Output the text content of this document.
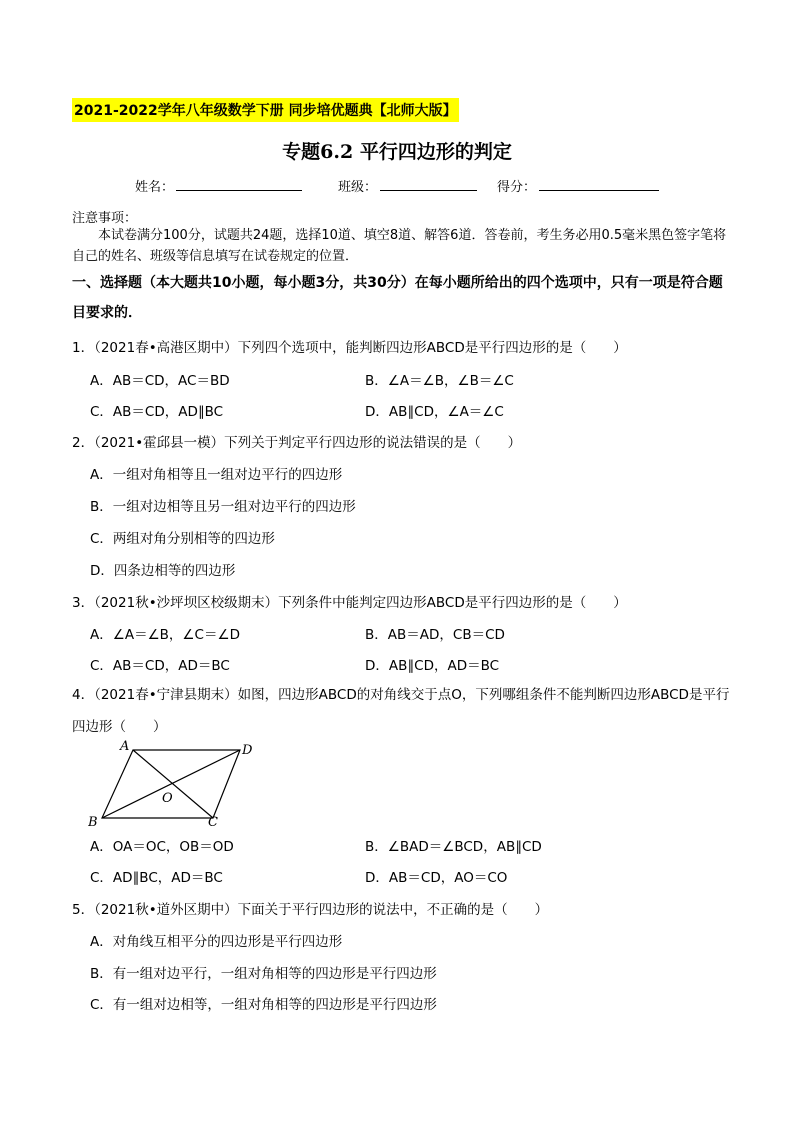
2021-2022学年八年级数学下册 同步培优题典【北师大版】
专题6.2 平行四边形的判定
姓名：	班级：	得分：
注意事项：
本试卷满分100分，试题共24题，选择10道、填空8道、解答6道．答卷前，考生务必用0.5毫米黑色签字笔将自己的姓名、班级等信息填写在试卷规定的位置．
一、选择题（本大题共10小题，每小题3分，共30分）在每小题所给出的四个选项中，只有一项是符合题目要求的．
1．（2021春•高港区期中）下列四个选项中，能判断四边形ABCD是平行四边形的是（　　）
A．AB＝CD，AC＝BD	B．∠A＝∠B，∠B＝∠C
C．AB＝CD，AD∥BC	D．AB∥CD，∠A＝∠C
2．（2021•霍邱县一模）下列关于判定平行四边形的说法错误的是（　　）
A．一组对角相等且一组对边平行的四边形
B．一组对边相等且另一组对边平行的四边形
C．两组对角分别相等的四边形
D．四条边相等的四边形
3．（2021秋•沙坪坝区校级期末）下列条件中能判定四边形ABCD是平行四边形的是（　　）
A．∠A＝∠B，∠C＝∠D	B．AB＝AD，CB＝CD
C．AB＝CD，AD＝BC	D．AB∥CD，AD＝BC
4．（2021春•宁津县期末）如图，四边形ABCD的对角线交于点O，下列哪组条件不能判断四边形ABCD是平行四边形（　　）
A	D
B	C
O
A．OA＝OC，OB＝OD	B．∠BAD＝∠BCD，AB∥CD
C．AD∥BC，AD＝BC	D．AB＝CD，AO＝CO
5．（2021秋•道外区期中）下面关于平行四边形的说法中，不正确的是（　　）
A．对角线互相平分的四边形是平行四边形
B．有一组对边平行，一组对角相等的四边形是平行四边形
C．有一组对边相等，一组对角相等的四边形是平行四边形
